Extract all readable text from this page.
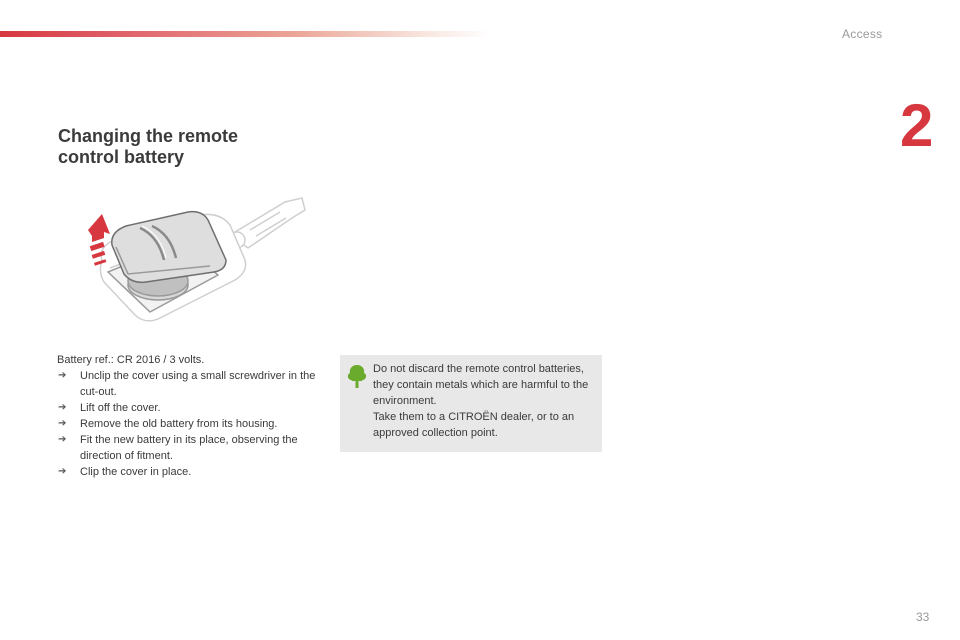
Access
2
Changing the remote
control battery

Battery ref.: CR 2016 / 3 volts.

➔ Unclip the cover using a small screwdriver in the cut-out.
➔ Lift off the cover.
➔ Remove the old battery from its housing.
➔ Fit the new battery in its place, observing the direction of fitment.
➔ Clip the cover in place.

Do not discard the remote control batteries, they contain metals which are harmful to the environment.
Take them to a CITROËN dealer, or to an approved collection point.

33
